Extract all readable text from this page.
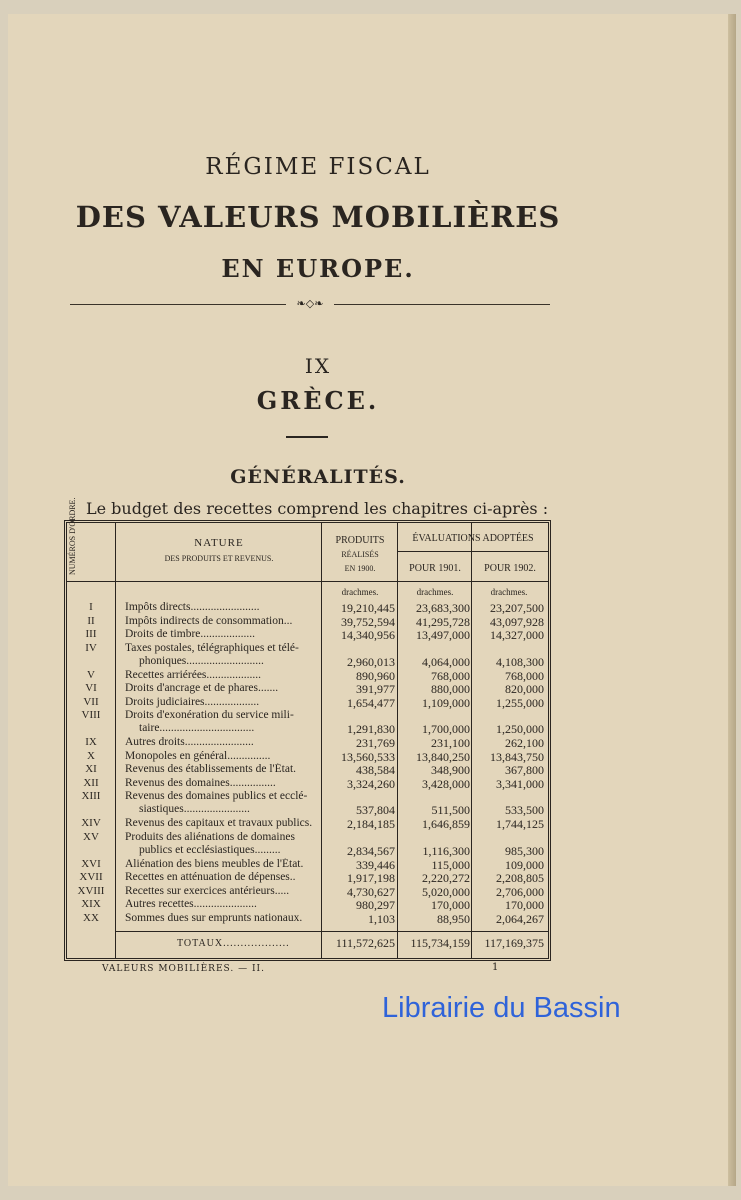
RÉGIME FISCAL
DES VALEURS MOBILIÈRES
EN EUROPE.
❧◇❧
IX
GRÈCE.
GÉNÉRALITÉS.
Le budget des recettes comprend les chapitres ci-après :
NUMÉROS D'ORDRE.	NATURE
DES PRODUITS ET REVENUS.
PRODUITS
RÉALISÉS
EN 1900.
ÉVALUATIONS ADOPTÉES
POUR 1901.	POUR 1902.
drachmes.	drachmes.	drachmes.
I	Impôts directs........................	19,210,445	23,683,300	23,207,500
II	Impôts indirects de consommation...	39,752,594	41,295,728	43,097,928
III	Droits de timbre...................	14,340,956	13,497,000	14,327,000
IV	Taxes postales, télégraphiques et télé-
phoniques...........................	2,960,013	4,064,000	4,108,300
V	Recettes arriérées...................	890,960	768,000	768,000
VI	Droits d'ancrage et de phares.......	391,977	880,000	820,000
VII	Droits judiciaires...................	1,654,477	1,109,000	1,255,000
VIII	Droits d'exonération du service mili-
taire.................................	1,291,830	1,700,000	1,250,000
IX	Autres droits........................	231,769	231,100	262,100
X	Monopoles en général...............	13,560,533	13,840,250	13,843,750
XI	Revenus des établissements de l'État.	438,584	348,900	367,800
XII	Revenus des domaines................	3,324,260	3,428,000	3,341,000
XIII	Revenus des domaines publics et ecclé-
siastiques.......................	537,804	511,500	533,500
XIV	Revenus des capitaux et travaux publics.	2,184,185	1,646,859	1,744,125
XV	Produits des aliénations de domaines
publics et ecclésiastiques.........	2,834,567	1,116,300	985,300
XVI	Aliénation des biens meubles de l'État.	339,446	115,000	109,000
XVII	Recettes en atténuation de dépenses..	1,917,198	2,220,272	2,208,805
XVIII	Recettes sur exercices antérieurs.....	4,730,627	5,020,000	2,706,000
XIX	Autres recettes......................	980,297	170,000	170,000
XX	Sommes dues sur emprunts nationaux.	1,103	88,950	2,064,267
TOTAUX...................	111,572,625	115,734,159	117,169,375
VALEURS MOBILIÈRES. — II.	1
Librairie du Bassin
